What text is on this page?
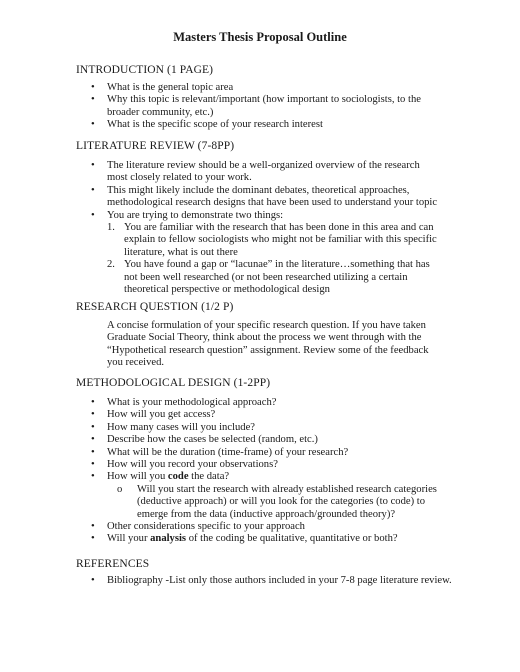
Masters Thesis Proposal Outline
INTRODUCTION (1 PAGE)
• What is the general topic area
• Why this topic is relevant/important (how important to sociologists, to the broader community, etc.)
• What is the specific scope of your research interest
LITERATURE REVIEW (7-8PP)
• The literature review should be a well-organized overview of the research most closely related to your work.
• This might likely include the dominant debates, theoretical approaches, methodological research designs that have been used to understand your topic
• You are trying to demonstrate two things:
1. You are familiar with the research that has been done in this area and can explain to fellow sociologists who might not be familiar with this specific literature, what is out there
2. You have found a gap or “lacunae” in the literature…something that has not been well researched (or not been researched utilizing a certain theoretical perspective or methodological design
RESEARCH QUESTION (1/2 P)
A concise formulation of your specific research question. If you have taken Graduate Social Theory, think about the process we went through with the “Hypothetical research question” assignment. Review some of the feedback you received.
METHODOLOGICAL DESIGN (1-2PP)
• What is your methodological approach?
• How will you get access?
• How many cases will you include?
• Describe how the cases be selected (random, etc.)
• What will be the duration (time-frame) of your research?
• How will you record your observations?
• How will you code the data?
o Will you start the research with already established research categories (deductive approach) or will you look for the categories (to code) to emerge from the data (inductive approach/grounded theory)?
• Other considerations specific to your approach
• Will your analysis of the coding be qualitative, quantitative or both?
REFERENCES
• Bibliography -List only those authors included in your 7-8 page literature review.
